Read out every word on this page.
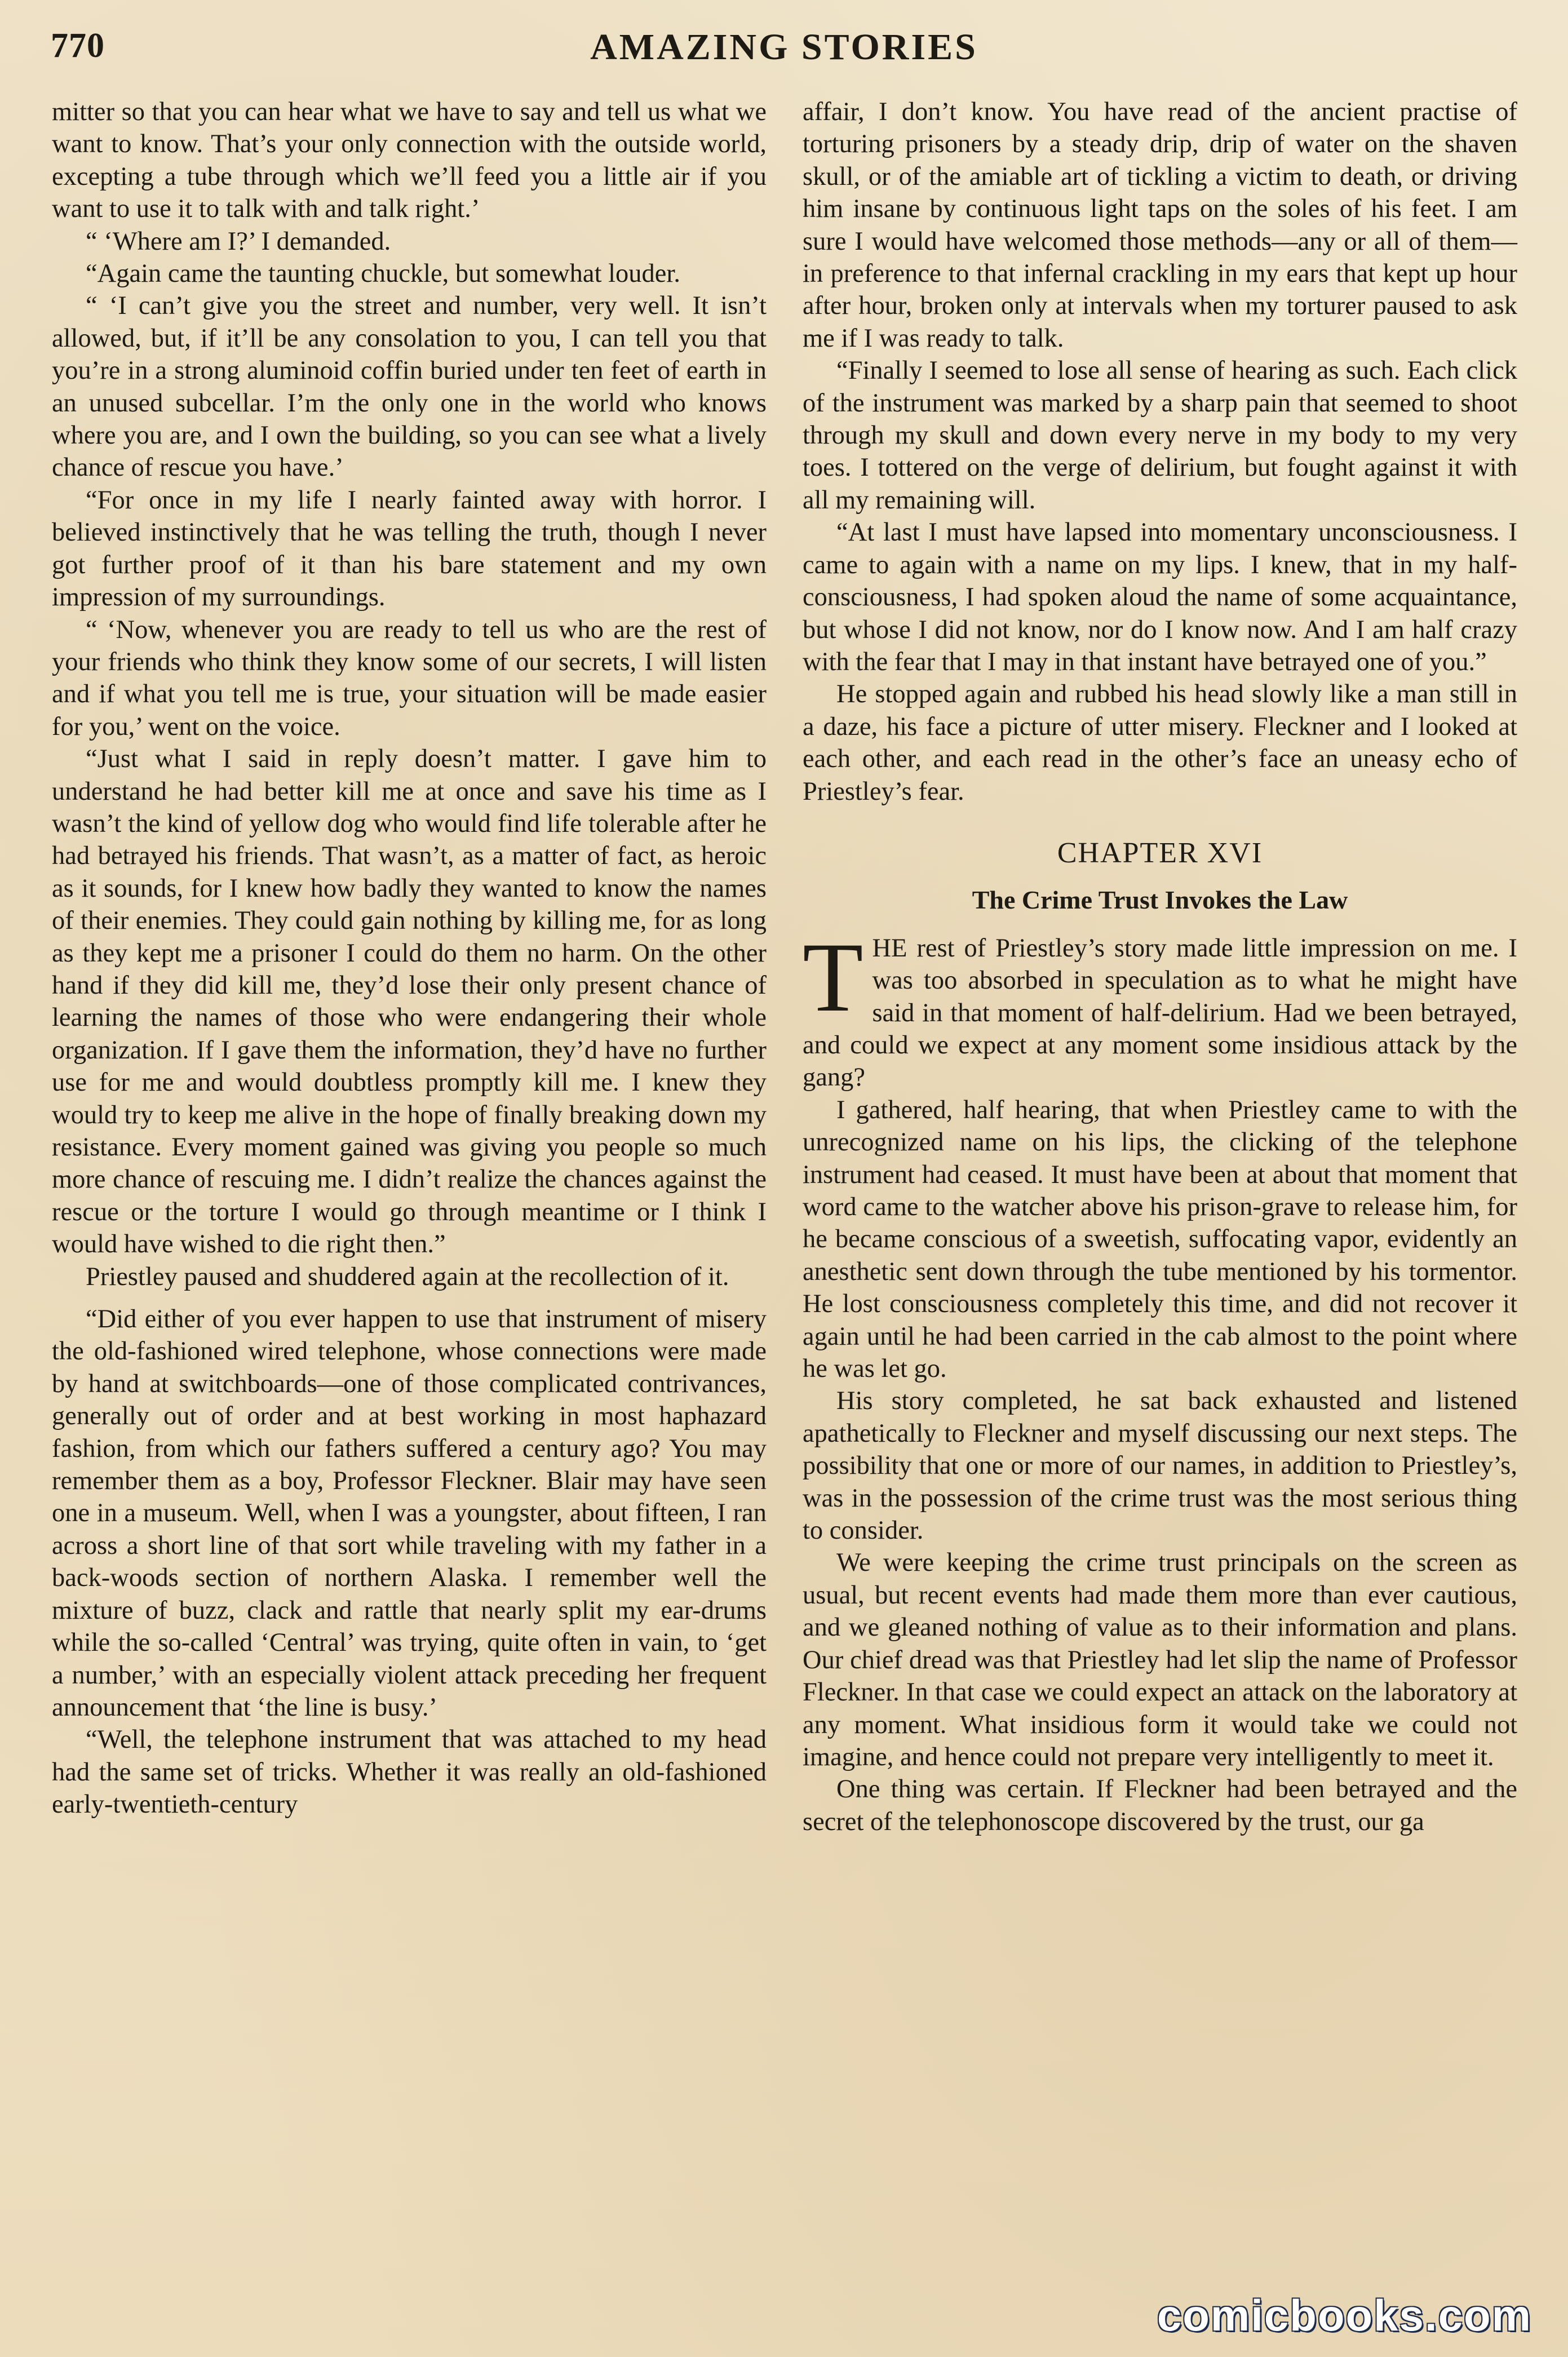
770	AMAZING STORIES

mitter so that you can hear what we have to say and tell us what we want to know. That’s your only connection with the outside world, excepting a tube through which we’ll feed you a little air if you want to use it to talk with and talk right.’

“ ‘Where am I?’ I demanded.

“Again came the taunting chuckle, but somewhat louder.

“ ‘I can’t give you the street and number, very well. It isn’t allowed, but, if it’ll be any consolation to you, I can tell you that you’re in a strong aluminoid coffin buried under ten feet of earth in an unused subcellar. I’m the only one in the world who knows where you are, and I own the building, so you can see what a lively chance of rescue you have.’

“For once in my life I nearly fainted away with horror. I believed instinctively that he was telling the truth, though I never got further proof of it than his bare statement and my own impression of my surroundings.

“ ‘Now, whenever you are ready to tell us who are the rest of your friends who think they know some of our secrets, I will listen and if what you tell me is true, your situation will be made easier for you,’ went on the voice.

“Just what I said in reply doesn’t matter. I gave him to understand he had better kill me at once and save his time as I wasn’t the kind of yellow dog who would find life tolerable after he had betrayed his friends. That wasn’t, as a matter of fact, as heroic as it sounds, for I knew how badly they wanted to know the names of their enemies. They could gain nothing by killing me, for as long as they kept me a prisoner I could do them no harm. On the other hand if they did kill me, they’d lose their only present chance of learning the names of those who were endangering their whole organization. If I gave them the information, they’d have no further use for me and would doubtless promptly kill me. I knew they would try to keep me alive in the hope of finally breaking down my resistance. Every moment gained was giving you people so much more chance of rescuing me. I didn’t realize the chances against the rescue or the torture I would go through meantime or I think I would have wished to die right then.”

Priestley paused and shuddered again at the recollection of it.

“Did either of you ever happen to use that instrument of misery the old-fashioned wired telephone, whose connections were made by hand at switchboards—one of those complicated contrivances, generally out of order and at best working in most haphazard fashion, from which our fathers suffered a century ago? You may remember them as a boy, Professor Fleckner. Blair may have seen one in a museum. Well, when I was a youngster, about fifteen, I ran across a short line of that sort while traveling with my father in a back-woods section of northern Alaska. I remember well the mixture of buzz, clack and rattle that nearly split my ear-drums while the so-called ‘Central’ was trying, quite often in vain, to ‘get a number,’ with an especially violent attack preceding her frequent announcement that ‘the line is busy.’

“Well, the telephone instrument that was attached to my head had the same set of tricks. Whether it was really an old-fashioned early-twentieth-century

affair, I don’t know. You have read of the ancient practise of torturing prisoners by a steady drip, drip of water on the shaven skull, or of the amiable art of tickling a victim to death, or driving him insane by continuous light taps on the soles of his feet. I am sure I would have welcomed those methods—any or all of them—in preference to that infernal crackling in my ears that kept up hour after hour, broken only at intervals when my torturer paused to ask me if I was ready to talk.

“Finally I seemed to lose all sense of hearing as such. Each click of the instrument was marked by a sharp pain that seemed to shoot through my skull and down every nerve in my body to my very toes. I tottered on the verge of delirium, but fought against it with all my remaining will.

“At last I must have lapsed into momentary unconsciousness. I came to again with a name on my lips. I knew, that in my half-consciousness, I had spoken aloud the name of some acquaintance, but whose I did not know, nor do I know now. And I am half crazy with the fear that I may in that instant have betrayed one of you.”

He stopped again and rubbed his head slowly like a man still in a daze, his face a picture of utter misery. Fleckner and I looked at each other, and each read in the other’s face an uneasy echo of Priestley’s fear.

CHAPTER XVI
The Crime Trust Invokes the Law

THE rest of Priestley’s story made little impression on me. I was too absorbed in speculation as to what he might have said in that moment of half-delirium. Had we been betrayed, and could we expect at any moment some insidious attack by the gang?

I gathered, half hearing, that when Priestley came to with the unrecognized name on his lips, the clicking of the telephone instrument had ceased. It must have been at about that moment that word came to the watcher above his prison-grave to release him, for he became conscious of a sweetish, suffocating vapor, evidently an anesthetic sent down through the tube mentioned by his tormentor. He lost consciousness completely this time, and did not recover it again until he had been carried in the cab almost to the point where he was let go.

His story completed, he sat back exhausted and listened apathetically to Fleckner and myself discussing our next steps. The possibility that one or more of our names, in addition to Priestley’s, was in the possession of the crime trust was the most serious thing to consider.

We were keeping the crime trust principals on the screen as usual, but recent events had made them more than ever cautious, and we gleaned nothing of value as to their information and plans. Our chief dread was that Priestley had let slip the name of Professor Fleckner. In that case we could expect an attack on the laboratory at any moment. What insidious form it would take we could not imagine, and hence could not prepare very intelligently to meet it.

One thing was certain. If Fleckner had been betrayed and the secret of the telephonoscope discovered by the trust, our ga

comicbooks.com
